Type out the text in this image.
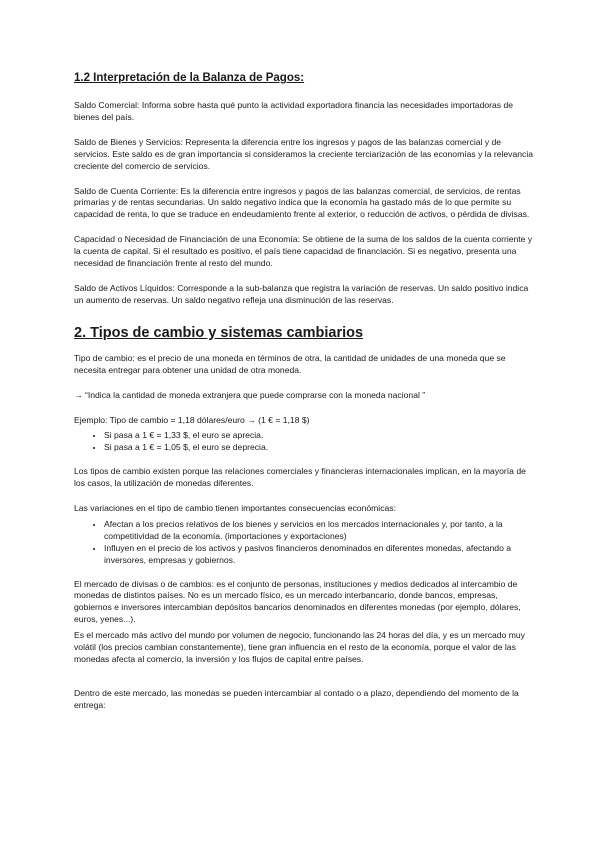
1.2 Interpretación de la Balanza de Pagos:

Saldo Comercial: Informa sobre hasta qué punto la actividad exportadora financia las necesidades importadoras de bienes del país.

Saldo de Bienes y Servicios: Representa la diferencia entre los ingresos y pagos de las balanzas comercial y de servicios. Este saldo es de gran importancia si consideramos la creciente terciarización de las economías y la relevancia creciente del comercio de servicios.

Saldo de Cuenta Corriente: Es la diferencia entre ingresos y pagos de las balanzas comercial, de servicios, de rentas primarias y de rentas secundarias. Un saldo negativo indica que la economía ha gastado más de lo que permite su capacidad de renta, lo que se traduce en endeudamiento frente al exterior, o reducción de activos, o pérdida de divisas.

Capacidad o Necesidad de Financiación de una Economía: Se obtiene de la suma de los saldos de la cuenta corriente y la cuenta de capital. Si el resultado es positivo, el país tiene capacidad de financiación. Si es negativo, presenta una necesidad de financiación frente al resto del mundo.

Saldo de Activos Líquidos: Corresponde a la sub-balanza que registra la variación de reservas. Un saldo positivo indica un aumento de reservas. Un saldo negativo refleja una disminución de las reservas.

2. Tipos de cambio y sistemas cambiarios

Tipo de cambio: es el precio de una moneda en términos de otra, la cantidad de unidades de una moneda que se necesita entregar para obtener una unidad de otra moneda.

→ “Indica la cantidad de moneda extranjera que puede comprarse con la moneda nacional ”

Ejemplo: Tipo de cambio = 1,18 dólares/euro → (1 € = 1,18 $)

• Si pasa a 1 € = 1,33 $, el euro se aprecia.
• Si pasa a 1 € = 1,05 $, el euro se deprecia.

Los tipos de cambio existen porque las relaciones comerciales y financieras internacionales implican, en la mayoría de los casos, la utilización de monedas diferentes.

Las variaciones en el tipo de cambio tienen importantes consecuencias económicas:

• Afectan a los precios relativos de los bienes y servicios en los mercados internacionales y, por tanto, a la competitividad de la economía. (importaciones y exportaciones)
• Influyen en el precio de los activos y pasivos financieros denominados en diferentes monedas, afectando a inversores, empresas y gobiernos.

El mercado de divisas o de cambios: es el conjunto de personas, instituciones y medios dedicados al intercambio de monedas de distintos países. No es un mercado físico, es un mercado interbancario, donde bancos, empresas, gobiernos e inversores intercambian depósitos bancarios denominados en diferentes monedas (por ejemplo, dólares, euros, yenes...).

Es el mercado más activo del mundo por volumen de negocio, funcionando las 24 horas del día, y es un mercado muy volátil (los precios cambian constantemente), tiene gran influencia en el resto de la economía, porque el valor de las monedas afecta al comercio, la inversión y los flujos de capital entre países.

Dentro de este mercado, las monedas se pueden intercambiar al contado o a plazo, dependiendo del momento de la entrega:
